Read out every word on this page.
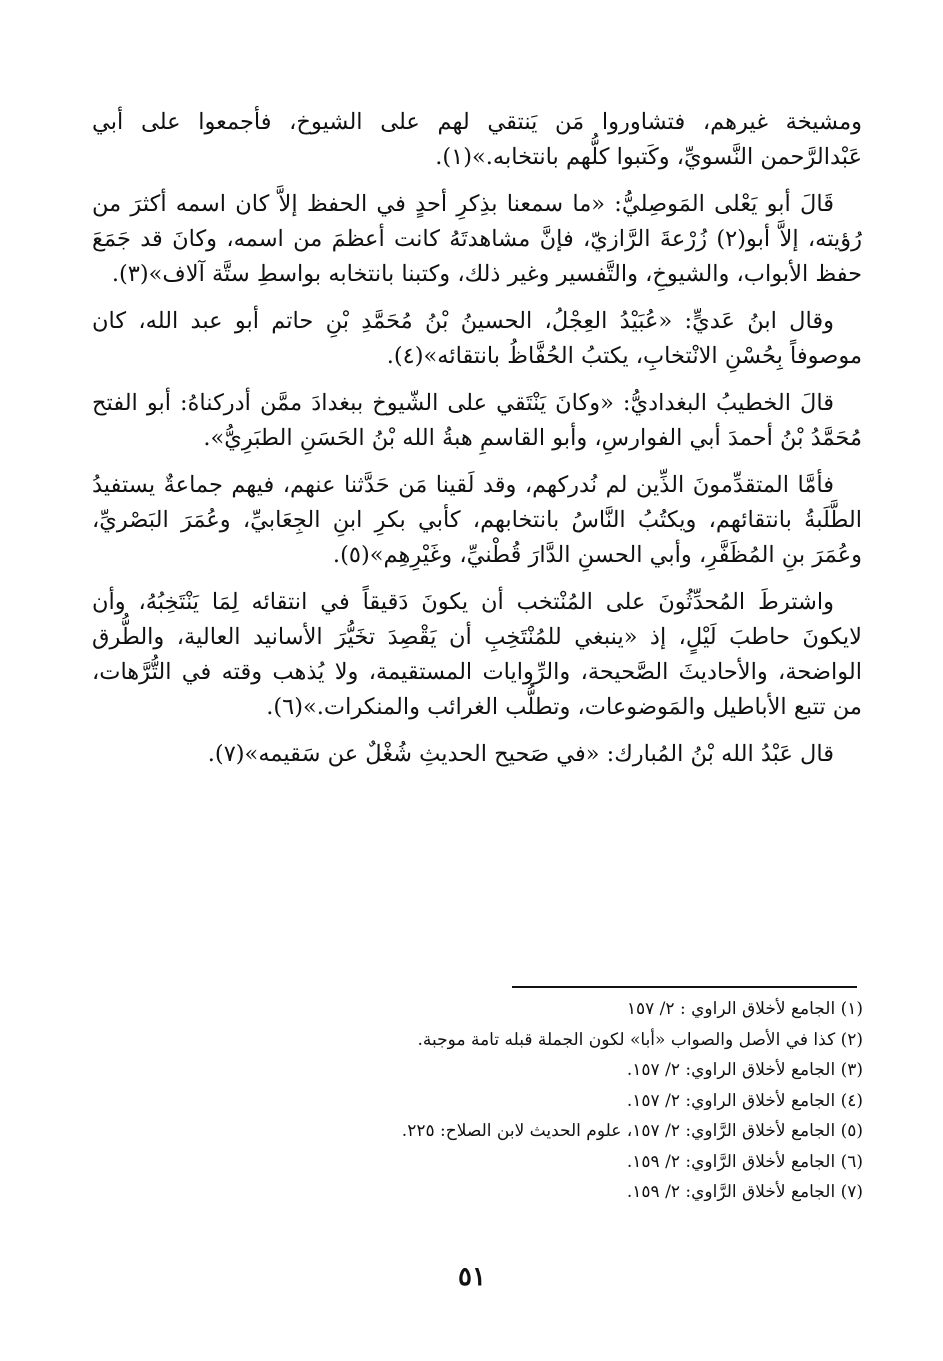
ومشيخة غيرهم، فتشاوروا مَن يَنتقي لهم على الشيوخ، فأجمعوا على أبي عَبْدالرَّحمن النَّسويِّ، وكَتبوا كلُّهم بانتخابه.»(١).

قَالَ أبو يَعْلى المَوصِليُّ: «ما سمعنا بذِكرِ أحدٍ في الحفظ إلاَّ كان اسمه أكثرَ من رُؤيته، إلاَّ أبو(٢) زُرْعةَ الرَّازيّ، فإنَّ مشاهدتَهُ كانت أعظمَ من اسمه، وكانَ قد جَمَعَ حفظ الأبواب، والشيوخِ، والتَّفسير وغير ذلك، وكتبنا بانتخابه بواسطِ ستَّة آلاف»(٣).

وقال ابنُ عَديٍّ: «عُبَيْدُ العِجْلُ، الحسينُ بْنُ مُحَمَّدِ بْنِ حاتم أبو عبد الله، كان موصوفاً بِحُسْنِ الانْتخابِ، يكتبُ الحُفَّاظُ بانتقائه»(٤).

قالَ الخطيبُ البغداديُّ: «وكانَ يَنْتَقي على الشّيوخ ببغدادَ ممَّن أدركناهُ: أبو الفتح مُحَمَّدُ بْنُ أحمدَ أبي الفوارسِ، وأبو القاسمِ هبةُ الله بْنُ الحَسَنِ الطبَرِيُّ».

فأمَّا المتقدِّمونَ الذِّين لم نُدركهم، وقد لَقينا مَن حَدَّثنا عنهم، فيهم جماعةٌ يستفيدُ الطَّلَبةُ بانتقائهم، ويكتُبُ النَّاسُ بانتخابهم، كأبي بكرِ ابنِ الجِعَابيِّ، وعُمَرَ البَصْريِّ، وعُمَرَ بنِ المُظَفَّرِ، وأبي الحسنِ الدَّارَ قُطْنيِّ، وغَيْرِهِم»(٥).

واشترطَ المُحدِّثُونَ على المُنْتخب أن يكونَ دَقيقاً في انتقائه لِمَا يَنْتَخِبُهُ، وأن لايكونَ حاطبَ لَيْلٍ، إذ «ينبغي للمُنْتَخِبِ أن يَقْصِدَ تخَيُّرَ الأسانيد العالية، والطُّرق الواضحة، والأحاديثَ الصَّحيحة، والرِّوايات المستقيمة، ولا يُذهب وقته في التُّرَّهات، من تتبع الأباطيل والمَوضوعات، وتطلُّب الغرائب والمنكرات.»(٦).

قال عَبْدُ الله بْنُ المُبارك: «في صَحيح الحديثِ شُغْلٌ عن سَقيمه»(٧).

(١) الجامع لأخلاق الراوي : ٢/ ١٥٧

(٢) كذا في الأصل والصواب «أبا» لكون الجملة قبله تامة موجبة.

(٣) الجامع لأخلاق الراوي: ٢/ ١٥٧.

(٤) الجامع لأخلاق الراوي: ٢/ ١٥٧.

(٥) الجامع لأخلاق الرَّاوي: ٢/ ١٥٧، علوم الحديث لابن الصلاح: ٢٢٥.

(٦) الجامع لأخلاق الرَّاوي: ٢/ ١٥٩.

(٧) الجامع لأخلاق الرَّاوي: ٢/ ١٥٩.

٥١
